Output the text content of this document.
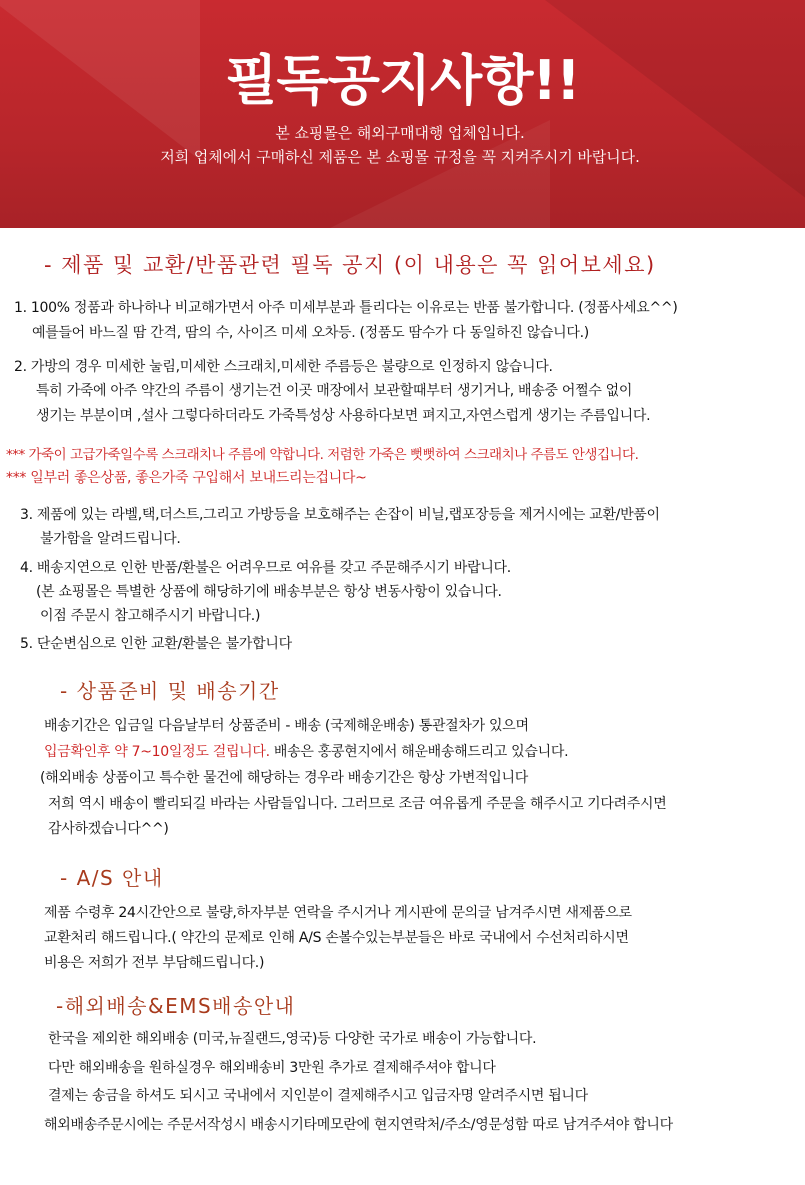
필독공지사항!!
본 쇼핑몰은 해외구매대행 업체입니다.
저희 업체에서 구매하신 제품은 본 쇼핑몰 규정을 꼭 지켜주시기 바랍니다.
- 제품 및 교환/반품관련 필독 공지 (이 내용은 꼭 읽어보세요)
1. 100% 정품과 하나하나 비교해가면서 아주 미세부분과 틀리다는 이유로는 반품 불가합니다. (정품사세요^^)
예를들어 바느질 땀 간격, 땀의 수, 사이즈 미세 오차등. (정품도 땀수가 다 동일하진 않습니다.)
2. 가방의 경우 미세한 눌림,미세한 스크래치,미세한 주름등은 불량으로 인정하지 않습니다.
특히 가죽에 아주 약간의 주름이 생기는건 이곳 매장에서 보관할때부터 생기거나, 배송중 어쩔수 없이
생기는 부분이며 ,설사 그렇다하더라도 가죽특성상 사용하다보면 펴지고,자연스럽게 생기는 주름입니다.
*** 가죽이 고급가죽일수록 스크래치나 주름에 약합니다. 저렴한 가죽은 뻣뻣하여 스크래치나 주름도 안생깁니다.
*** 일부러 좋은상품, 좋은가죽 구입해서 보내드리는겁니다~
3. 제품에 있는 라벨,택,더스트,그리고 가방등을 보호해주는 손잡이 비닐,랩포장등을 제거시에는 교환/반품이
불가함을 알려드립니다.
4. 배송지연으로 인한 반품/환불은 어려우므로 여유를 갖고 주문해주시기 바랍니다.
(본 쇼핑몰은 특별한 상품에 해당하기에 배송부분은 항상 변동사항이 있습니다.
이점 주문시 참고해주시기 바랍니다.)
5. 단순변심으로 인한 교환/환불은 불가합니다
- 상품준비 및 배송기간
배송기간은 입금일 다음날부터 상품준비 - 배송 (국제해운배송) 통관절차가 있으며
입금확인후 약 7~10일정도 걸립니다. 배송은 홍콩현지에서 해운배송해드리고 있습니다.
(해외배송 상품이고 특수한 물건에 해당하는 경우라 배송기간은 항상 가변적입니다
저희 역시 배송이 빨리되길 바라는 사람들입니다. 그러므로 조금 여유롭게 주문을 해주시고 기다려주시면
감사하겠습니다^^)
- A/S 안내
제품 수령후 24시간안으로 불량,하자부분 연락을 주시거나 게시판에 문의글 남겨주시면 새제품으로
교환처리 해드립니다.( 약간의 문제로 인해 A/S 손볼수있는부분들은 바로 국내에서 수선처리하시면
비용은 저희가 전부 부담해드립니다.)
-해외배송&EMS배송안내
한국을 제외한 해외배송 (미국,뉴질랜드,영국)등 다양한 국가로 배송이 가능합니다.
다만 해외배송을 원하실경우 해외배송비 3만원 추가로 결제해주셔야 합니다
결제는 송금을 하셔도 되시고 국내에서 지인분이 결제해주시고 입금자명 알려주시면 됩니다
해외배송주문시에는 주문서작성시 배송시기타메모란에 현지연락처/주소/영문성함 따로 남겨주셔야 합니다
